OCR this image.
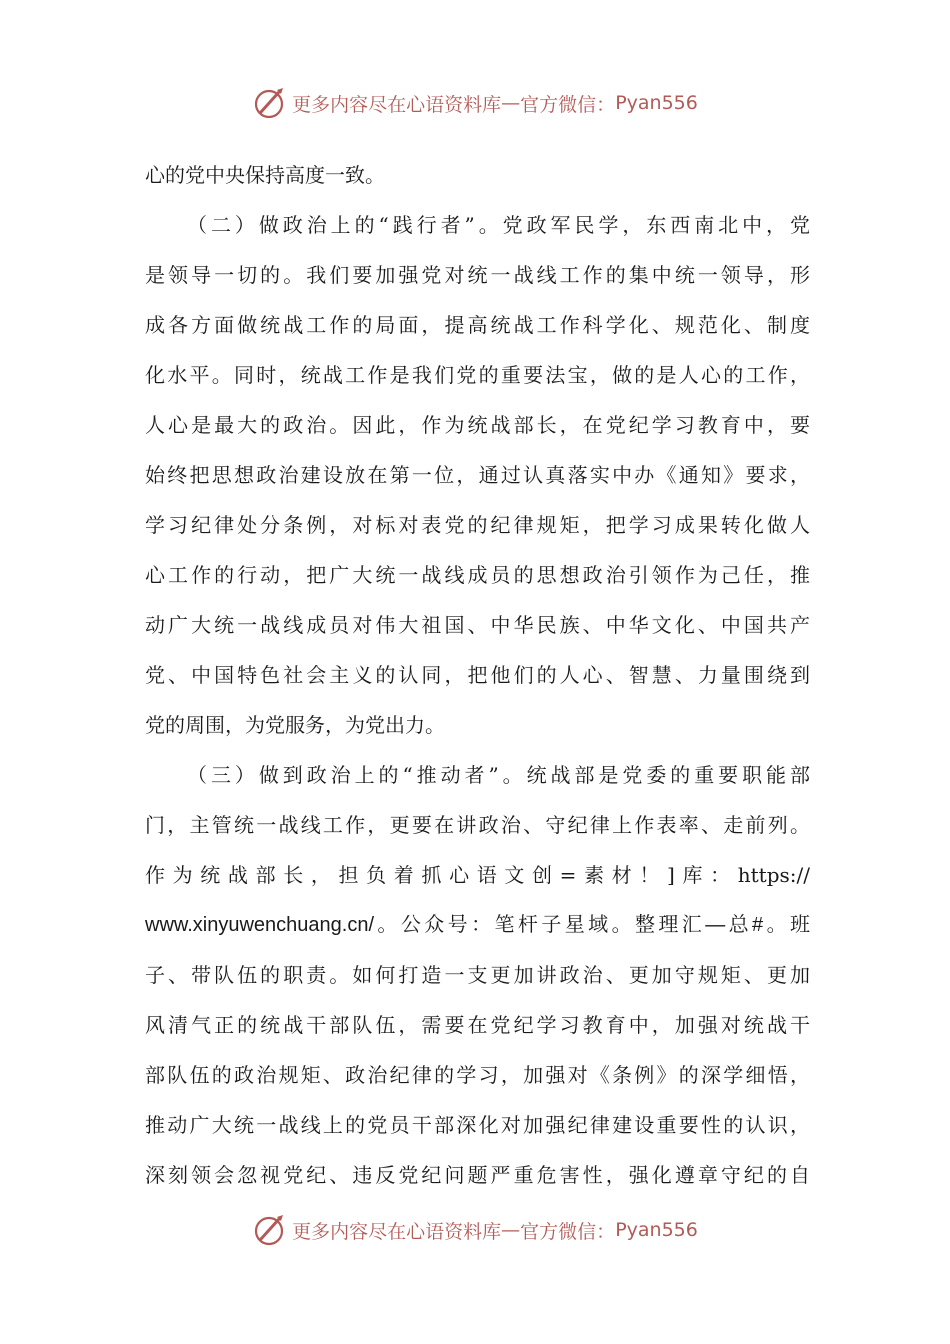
更多内容尽在心语资料库 — 官方微信： Pyan556
心的党中央保持高度一致。
（二）做政治上的“践行者”。党政军民学，东西南北中，党
是领导一切的。我们要加强党对统一战线工作的集中统一领导，形
成各方面做统战工作的局面，提高统战工作科学化、规范化、制度
化水平。同时，统战工作是我们党的重要法宝，做的是人心的工作，
人心是最大的政治。因此，作为统战部长，在党纪学习教育中，要
始终把思想政治建设放在第一位，通过认真落实中办《通知》要求，
学习纪律处分条例，对标对表党的纪律规矩，把学习成果转化做人
心工作的行动，把广大统一战线成员的思想政治引领作为己任，推
动广大统一战线成员对伟大祖国、中华民族、中华文化、中国共产
党、中国特色社会主义的认同，把他们的人心、智慧、力量围绕到
党的周围，为党服务，为党出力。
（三）做到政治上的“推动者”。统战部是党委的重要职能部
门，主管统一战线工作，更要在讲政治、守纪律上作表率、走前列。
作为统战部长，担负着抓心语文创=素材！]库：https://
www.xinyuwenchuang.cn/。公众号：笔杆子星域。整理汇—总#。班
子、带队伍的职责。如何打造一支更加讲政治、更加守规矩、更加
风清气正的统战干部队伍，需要在党纪学习教育中，加强对统战干
部队伍的政治规矩、政治纪律的学习，加强对《条例》的深学细悟，
推动广大统一战线上的党员干部深化对加强纪律建设重要性的认识，
深刻领会忽视党纪、违反党纪问题严重危害性，强化遵章守纪的自
更多内容尽在心语资料库 — 官方微信： Pyan556
